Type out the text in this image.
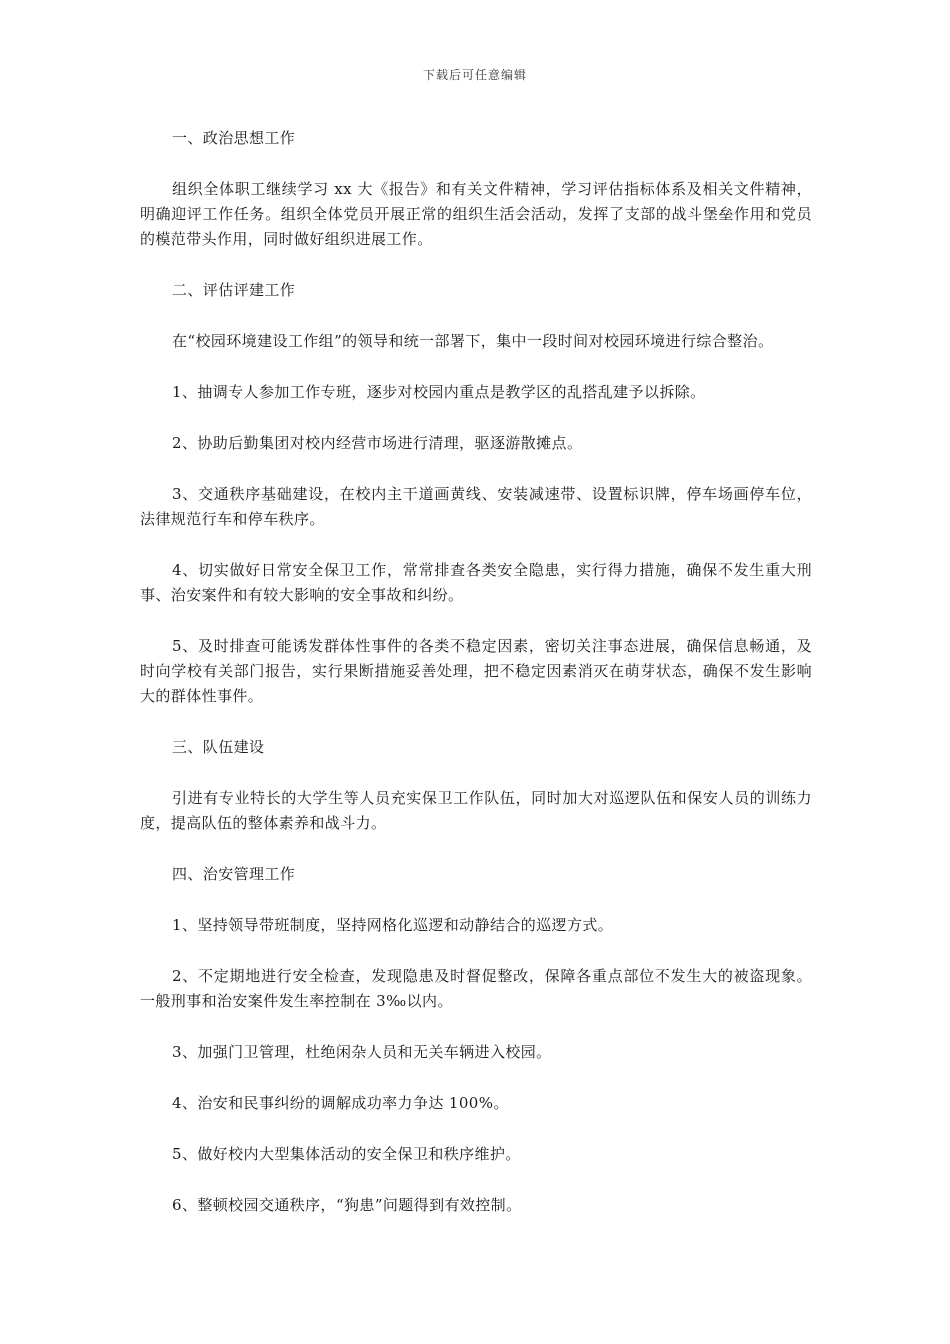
下载后可任意编辑

一、政治思想工作

组织全体职工继续学习 xx 大《报告》和有关文件精神，学习评估指标体系及相关文件精神，明确迎评工作任务。组织全体党员开展正常的组织生活会活动，发挥了支部的战斗堡垒作用和党员的模范带头作用，同时做好组织进展工作。

二、评估评建工作

在“校园环境建设工作组”的领导和统一部署下，集中一段时间对校园环境进行综合整治。

1、抽调专人参加工作专班，逐步对校园内重点是教学区的乱搭乱建予以拆除。

2、协助后勤集团对校内经营市场进行清理，驱逐游散摊点。

3、交通秩序基础建设，在校内主干道画黄线、安装减速带、设置标识牌，停车场画停车位，法律规范行车和停车秩序。

4、切实做好日常安全保卫工作，常常排查各类安全隐患，实行得力措施，确保不发生重大刑事、治安案件和有较大影响的安全事故和纠纷。

5、及时排查可能诱发群体性事件的各类不稳定因素，密切关注事态进展，确保信息畅通，及时向学校有关部门报告，实行果断措施妥善处理，把不稳定因素消灭在萌芽状态，确保不发生影响大的群体性事件。

三、队伍建设

引进有专业特长的大学生等人员充实保卫工作队伍，同时加大对巡逻队伍和保安人员的训练力度，提高队伍的整体素养和战斗力。

四、治安管理工作

1、坚持领导带班制度，坚持网格化巡逻和动静结合的巡逻方式。

2、不定期地进行安全检查，发现隐患及时督促整改，保障各重点部位不发生大的被盗现象。一般刑事和治安案件发生率控制在 3‰以内。

3、加强门卫管理，杜绝闲杂人员和无关车辆进入校园。

4、治安和民事纠纷的调解成功率力争达 100%。

5、做好校内大型集体活动的安全保卫和秩序维护。

6、整顿校园交通秩序，“狗患”问题得到有效控制。
